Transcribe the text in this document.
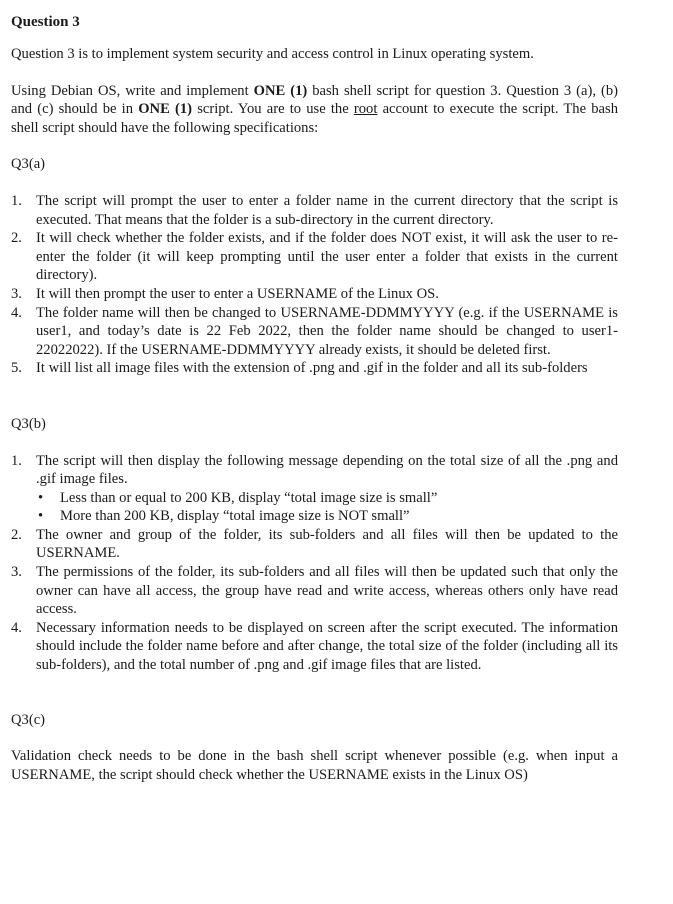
Question 3

Question 3 is to implement system security and access control in Linux operating system.

Using Debian OS, write and implement ONE (1) bash shell script for question 3. Question 3 (a), (b) and (c) should be in ONE (1) script. You are to use the root account to execute the script. The bash shell script should have the following specifications:

Q3(a)

1. The script will prompt the user to enter a folder name in the current directory that the script is executed. That means that the folder is a sub-directory in the current directory.
2. It will check whether the folder exists, and if the folder does NOT exist, it will ask the user to re-enter the folder (it will keep prompting until the user enter a folder that exists in the current directory).
3. It will then prompt the user to enter a USERNAME of the Linux OS.
4. The folder name will then be changed to USERNAME-DDMMYYYY (e.g. if the USERNAME is user1, and today’s date is 22 Feb 2022, then the folder name should be changed to user1-22022022). If the USERNAME-DDMMYYYY already exists, it should be deleted first.
5. It will list all image files with the extension of .png and .gif in the folder and all its sub-folders

Q3(b)

1. The script will then display the following message depending on the total size of all the .png and .gif image files.
• Less than or equal to 200 KB, display “total image size is small”
• More than 200 KB, display “total image size is NOT small”
2. The owner and group of the folder, its sub-folders and all files will then be updated to the USERNAME.
3. The permissions of the folder, its sub-folders and all files will then be updated such that only the owner can have all access, the group have read and write access, whereas others only have read access.
4. Necessary information needs to be displayed on screen after the script executed. The information should include the folder name before and after change, the total size of the folder (including all its sub-folders), and the total number of .png and .gif image files that are listed.

Q3(c)

Validation check needs to be done in the bash shell script whenever possible (e.g. when input a USERNAME, the script should check whether the USERNAME exists in the Linux OS)
